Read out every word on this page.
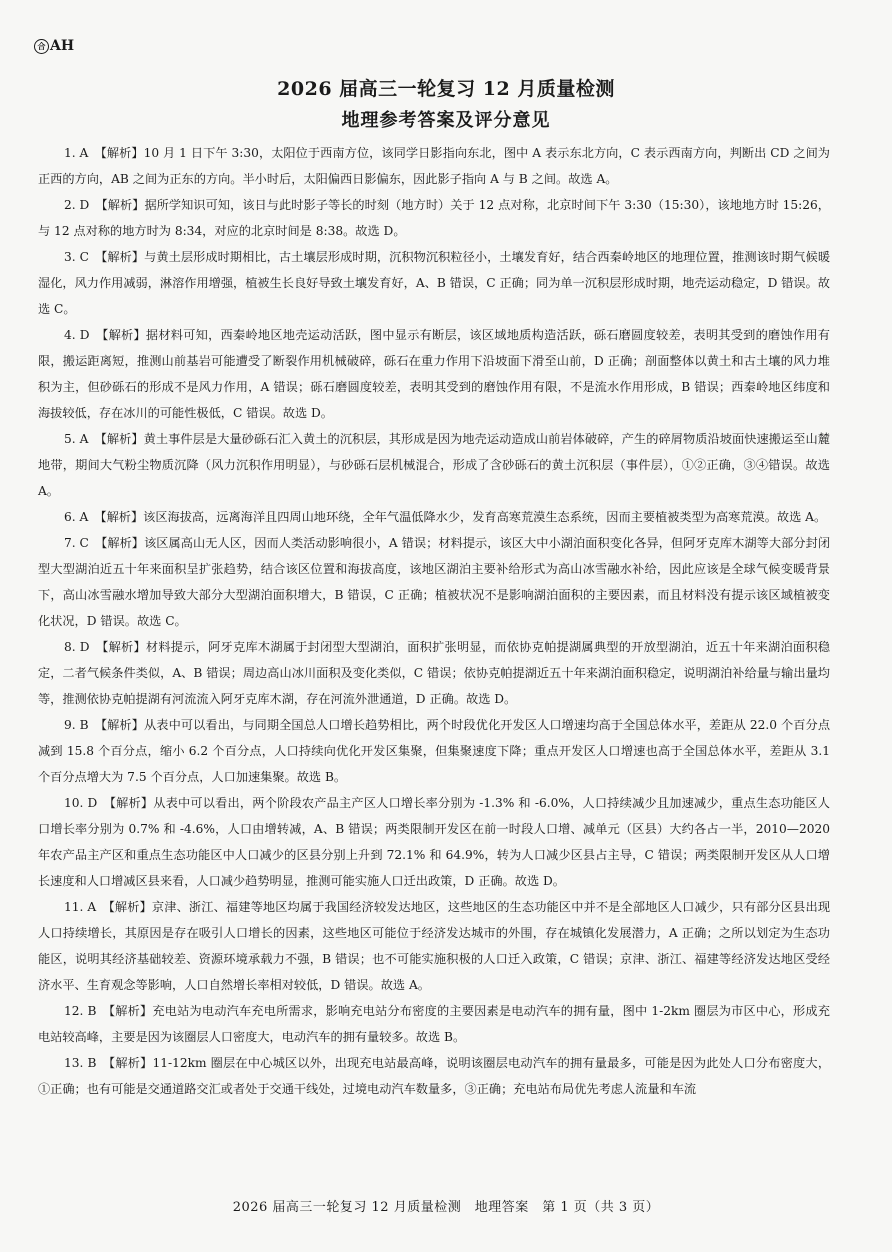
合 AH
2026 届高三一轮复习 12 月质量检测
地理参考答案及评分意见

1. A　 【解析】10 月 1 日下午 3:30，太阳位于西南方位，该同学日影指向东北，图中 A 表示东北方向，C 表示西南方向，判断出 CD 之间为正西的方向，AB 之间为正东的方向。半小时后，太阳偏西日影偏东，因此影子指向 A 与 B 之间。故选 A。

2. D　 【解析】据所学知识可知，该日与此时影子等长的时刻（地方时）关于 12 点对称，北京时间下午 3:30（15:30），该地地方时 15:26，与 12 点对称的地方时为 8:34，对应的北京时间是 8:38。故选 D。

3. C　 【解析】与黄土层形成时期相比，古土壤层形成时期，沉积物沉积粒径小，土壤发育好，结合西秦岭地区的地理位置，推测该时期气候暖湿化，风力作用减弱，淋溶作用增强，植被生长良好导致土壤发育好，A、B 错误，C 正确；同为单一沉积层形成时期，地壳运动稳定，D 错误。故选 C。

4. D　 【解析】据材料可知，西秦岭地区地壳运动活跃，图中显示有断层，该区域地质构造活跃，砾石磨圆度较差，表明其受到的磨蚀作用有限，搬运距离短，推测山前基岩可能遭受了断裂作用机械破碎，砾石在重力作用下沿坡面下滑至山前，D 正确；剖面整体以黄土和古土壤的风力堆积为主，但砂砾石的形成不是风力作用，A 错误；砾石磨圆度较差，表明其受到的磨蚀作用有限，不是流水作用形成，B 错误；西秦岭地区纬度和海拔较低，存在冰川的可能性极低，C 错误。故选 D。

5. A　 【解析】黄土事件层是大量砂砾石汇入黄土的沉积层，其形成是因为地壳运动造成山前岩体破碎，产生的碎屑物质沿坡面快速搬运至山麓地带，期间大气粉尘物质沉降（风力沉积作用明显），与砂砾石层机械混合，形成了含砂砾石的黄土沉积层（事件层），①②正确，③④错误。故选 A。

6. A　 【解析】该区海拔高，远离海洋且四周山地环绕，全年气温低降水少，发育高寒荒漠生态系统，因而主要植被类型为高寒荒漠。故选 A。

7. C　 【解析】该区属高山无人区，因而人类活动影响很小，A 错误；材料提示，该区大中小湖泊面积变化各异，但阿牙克库木湖等大部分封闭型大型湖泊近五十年来面积呈扩张趋势，结合该区位置和海拔高度，该地区湖泊主要补给形式为高山冰雪融水补给，因此应该是全球气候变暖背景下，高山冰雪融水增加导致大部分大型湖泊面积增大，B 错误，C 正确；植被状况不是影响湖泊面积的主要因素，而且材料没有提示该区域植被变化状况，D 错误。故选 C。

8. D　 【解析】材料提示，阿牙克库木湖属于封闭型大型湖泊，面积扩张明显，而依协克帕提湖属典型的开放型湖泊，近五十年来湖泊面积稳定，二者气候条件类似，A、B 错误；周边高山冰川面积及变化类似，C 错误；依协克帕提湖近五十年来湖泊面积稳定，说明湖泊补给量与输出量均等，推测依协克帕提湖有河流流入阿牙克库木湖，存在河流外泄通道，D 正确。故选 D。

9. B　 【解析】从表中可以看出，与同期全国总人口增长趋势相比，两个时段优化开发区人口增速均高于全国总体水平，差距从 22.0 个百分点减到 15.8 个百分点，缩小 6.2 个百分点，人口持续向优化开发区集聚，但集聚速度下降；重点开发区人口增速也高于全国总体水平，差距从 3.1 个百分点增大为 7.5 个百分点，人口加速集聚。故选 B。

10. D　 【解析】从表中可以看出，两个阶段农产品主产区人口增长率分别为 -1.3% 和 -6.0%，人口持续减少且加速减少，重点生态功能区人口增长率分别为 0.7% 和 -4.6%，人口由增转减，A、B 错误；两类限制开发区在前一时段人口增、减单元（区县）大约各占一半，2010—2020 年农产品主产区和重点生态功能区中人口减少的区县分别上升到 72.1% 和 64.9%，转为人口减少区县占主导，C 错误；两类限制开发区从人口增长速度和人口增减区县来看，人口减少趋势明显，推测可能实施人口迁出政策，D 正确。故选 D。

11. A　 【解析】京津、浙江、福建等地区均属于我国经济较发达地区，这些地区的生态功能区中并不是全部地区人口减少，只有部分区县出现人口持续增长，其原因是存在吸引人口增长的因素，这些地区可能位于经济发达城市的外围，存在城镇化发展潜力，A 正确；之所以划定为生态功能区，说明其经济基础较差、资源环境承载力不强，B 错误；也不可能实施积极的人口迁入政策，C 错误；京津、浙江、福建等经济发达地区受经济水平、生育观念等影响，人口自然增长率相对较低，D 错误。故选 A。

12. B　 【解析】充电站为电动汽车充电所需求，影响充电站分布密度的主要因素是电动汽车的拥有量，图中 1-2km 圈层为市区中心，形成充电站较高峰，主要是因为该圈层人口密度大，电动汽车的拥有量较多。故选 B。

13. B　 【解析】11-12km 圈层在中心城区以外，出现充电站最高峰，说明该圈层电动汽车的拥有量最多，可能是因为此处人口分布密度大，①正确；也有可能是交通道路交汇或者处于交通干线处，过境电动汽车数量多，③正确；充电站布局优先考虑人流量和车流

2026 届高三一轮复习 12 月质量检测　地理答案　第 1 页（共 3 页）
